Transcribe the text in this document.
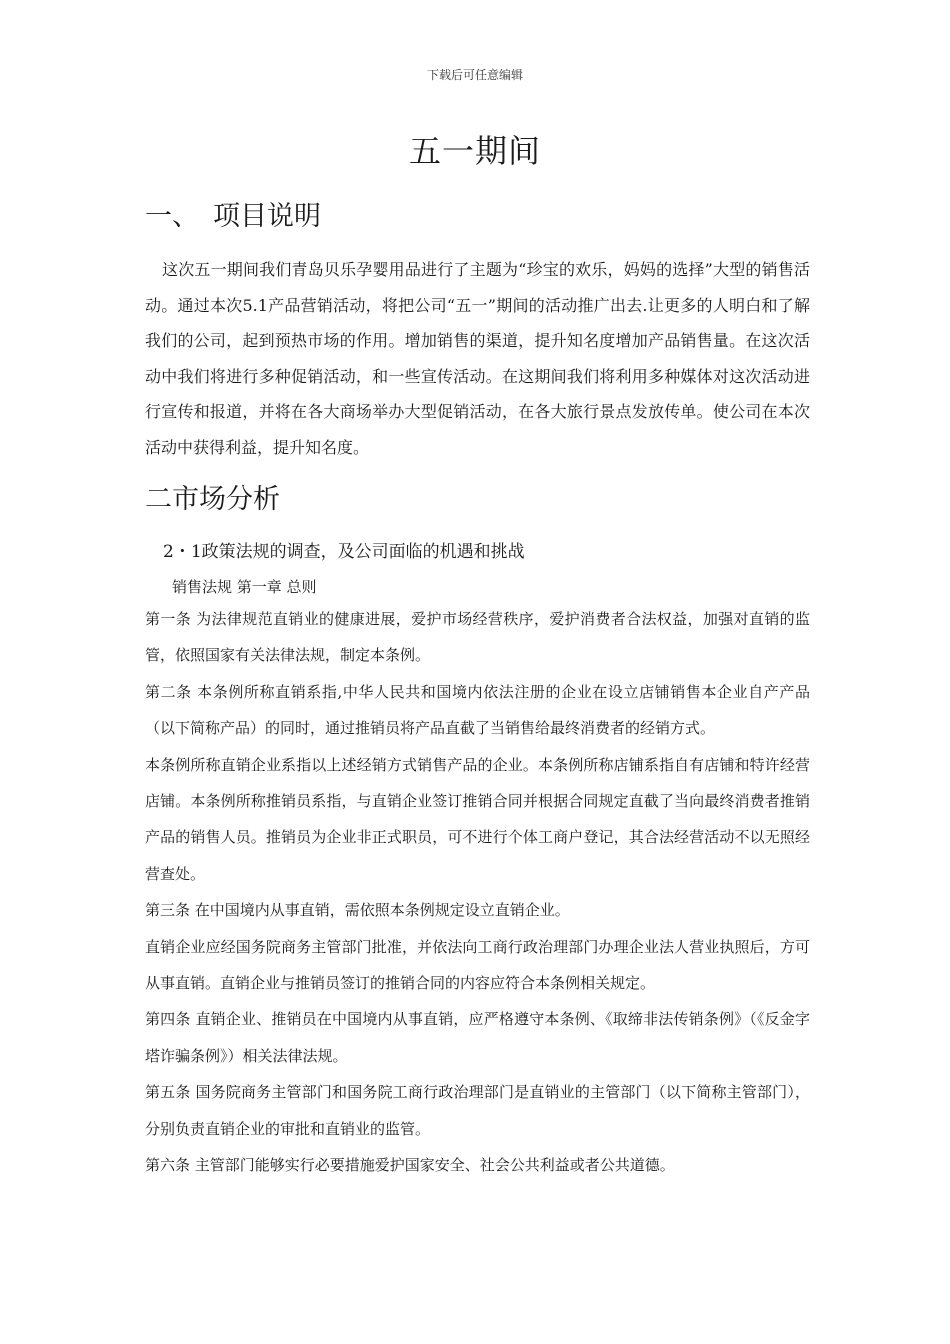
下载后可任意编辑
五一期间
一、 项目说明

这次五一期间我们青岛贝乐孕婴用品进行了主题为“珍宝的欢乐，妈妈的选择”大型的销售活动。通过本次5.1产品营销活动，将把公司“五一”期间的活动推广出去.让更多的人明白和了解我们的公司，起到预热市场的作用。增加销售的渠道，提升知名度增加产品销售量。在这次活动中我们将进行多种促销活动，和一些宣传活动。在这期间我们将利用多种媒体对这次活动进行宣传和报道，并将在各大商场举办大型促销活动，在各大旅行景点发放传单。使公司在本次活动中获得利益，提升知名度。

二市场分析
2・1政策法规的调查，及公司面临的机遇和挑战
销售法规 第一章 总则

第一条 为法律规范直销业的健康进展，爱护市场经营秩序，爱护消费者合法权益，加强对直销的监管，依照国家有关法律法规，制定本条例。

第二条 本条例所称直销系指,中华人民共和国境内依法注册的企业在设立店铺销售本企业自产产品（以下简称产品）的同时，通过推销员将产品直截了当销售给最终消费者的经销方式。

本条例所称直销企业系指以上述经销方式销售产品的企业。本条例所称店铺系指自有店铺和特许经营店铺。本条例所称推销员系指，与直销企业签订推销合同并根据合同规定直截了当向最终消费者推销产品的销售人员。推销员为企业非正式职员，可不进行个体工商户登记，其合法经营活动不以无照经营查处。

第三条 在中国境内从事直销，需依照本条例规定设立直销企业。

直销企业应经国务院商务主管部门批准，并依法向工商行政治理部门办理企业法人营业执照后，方可从事直销。直销企业与推销员签订的推销合同的内容应符合本条例相关规定。

第四条 直销企业、推销员在中国境内从事直销，应严格遵守本条例、《取缔非法传销条例》（《反金字塔诈骗条例》）相关法律法规。

第五条 国务院商务主管部门和国务院工商行政治理部门是直销业的主管部门（以下简称主管部门），分别负责直销企业的审批和直销业的监管。

第六条 主管部门能够实行必要措施爱护国家安全、社会公共利益或者公共道德。
